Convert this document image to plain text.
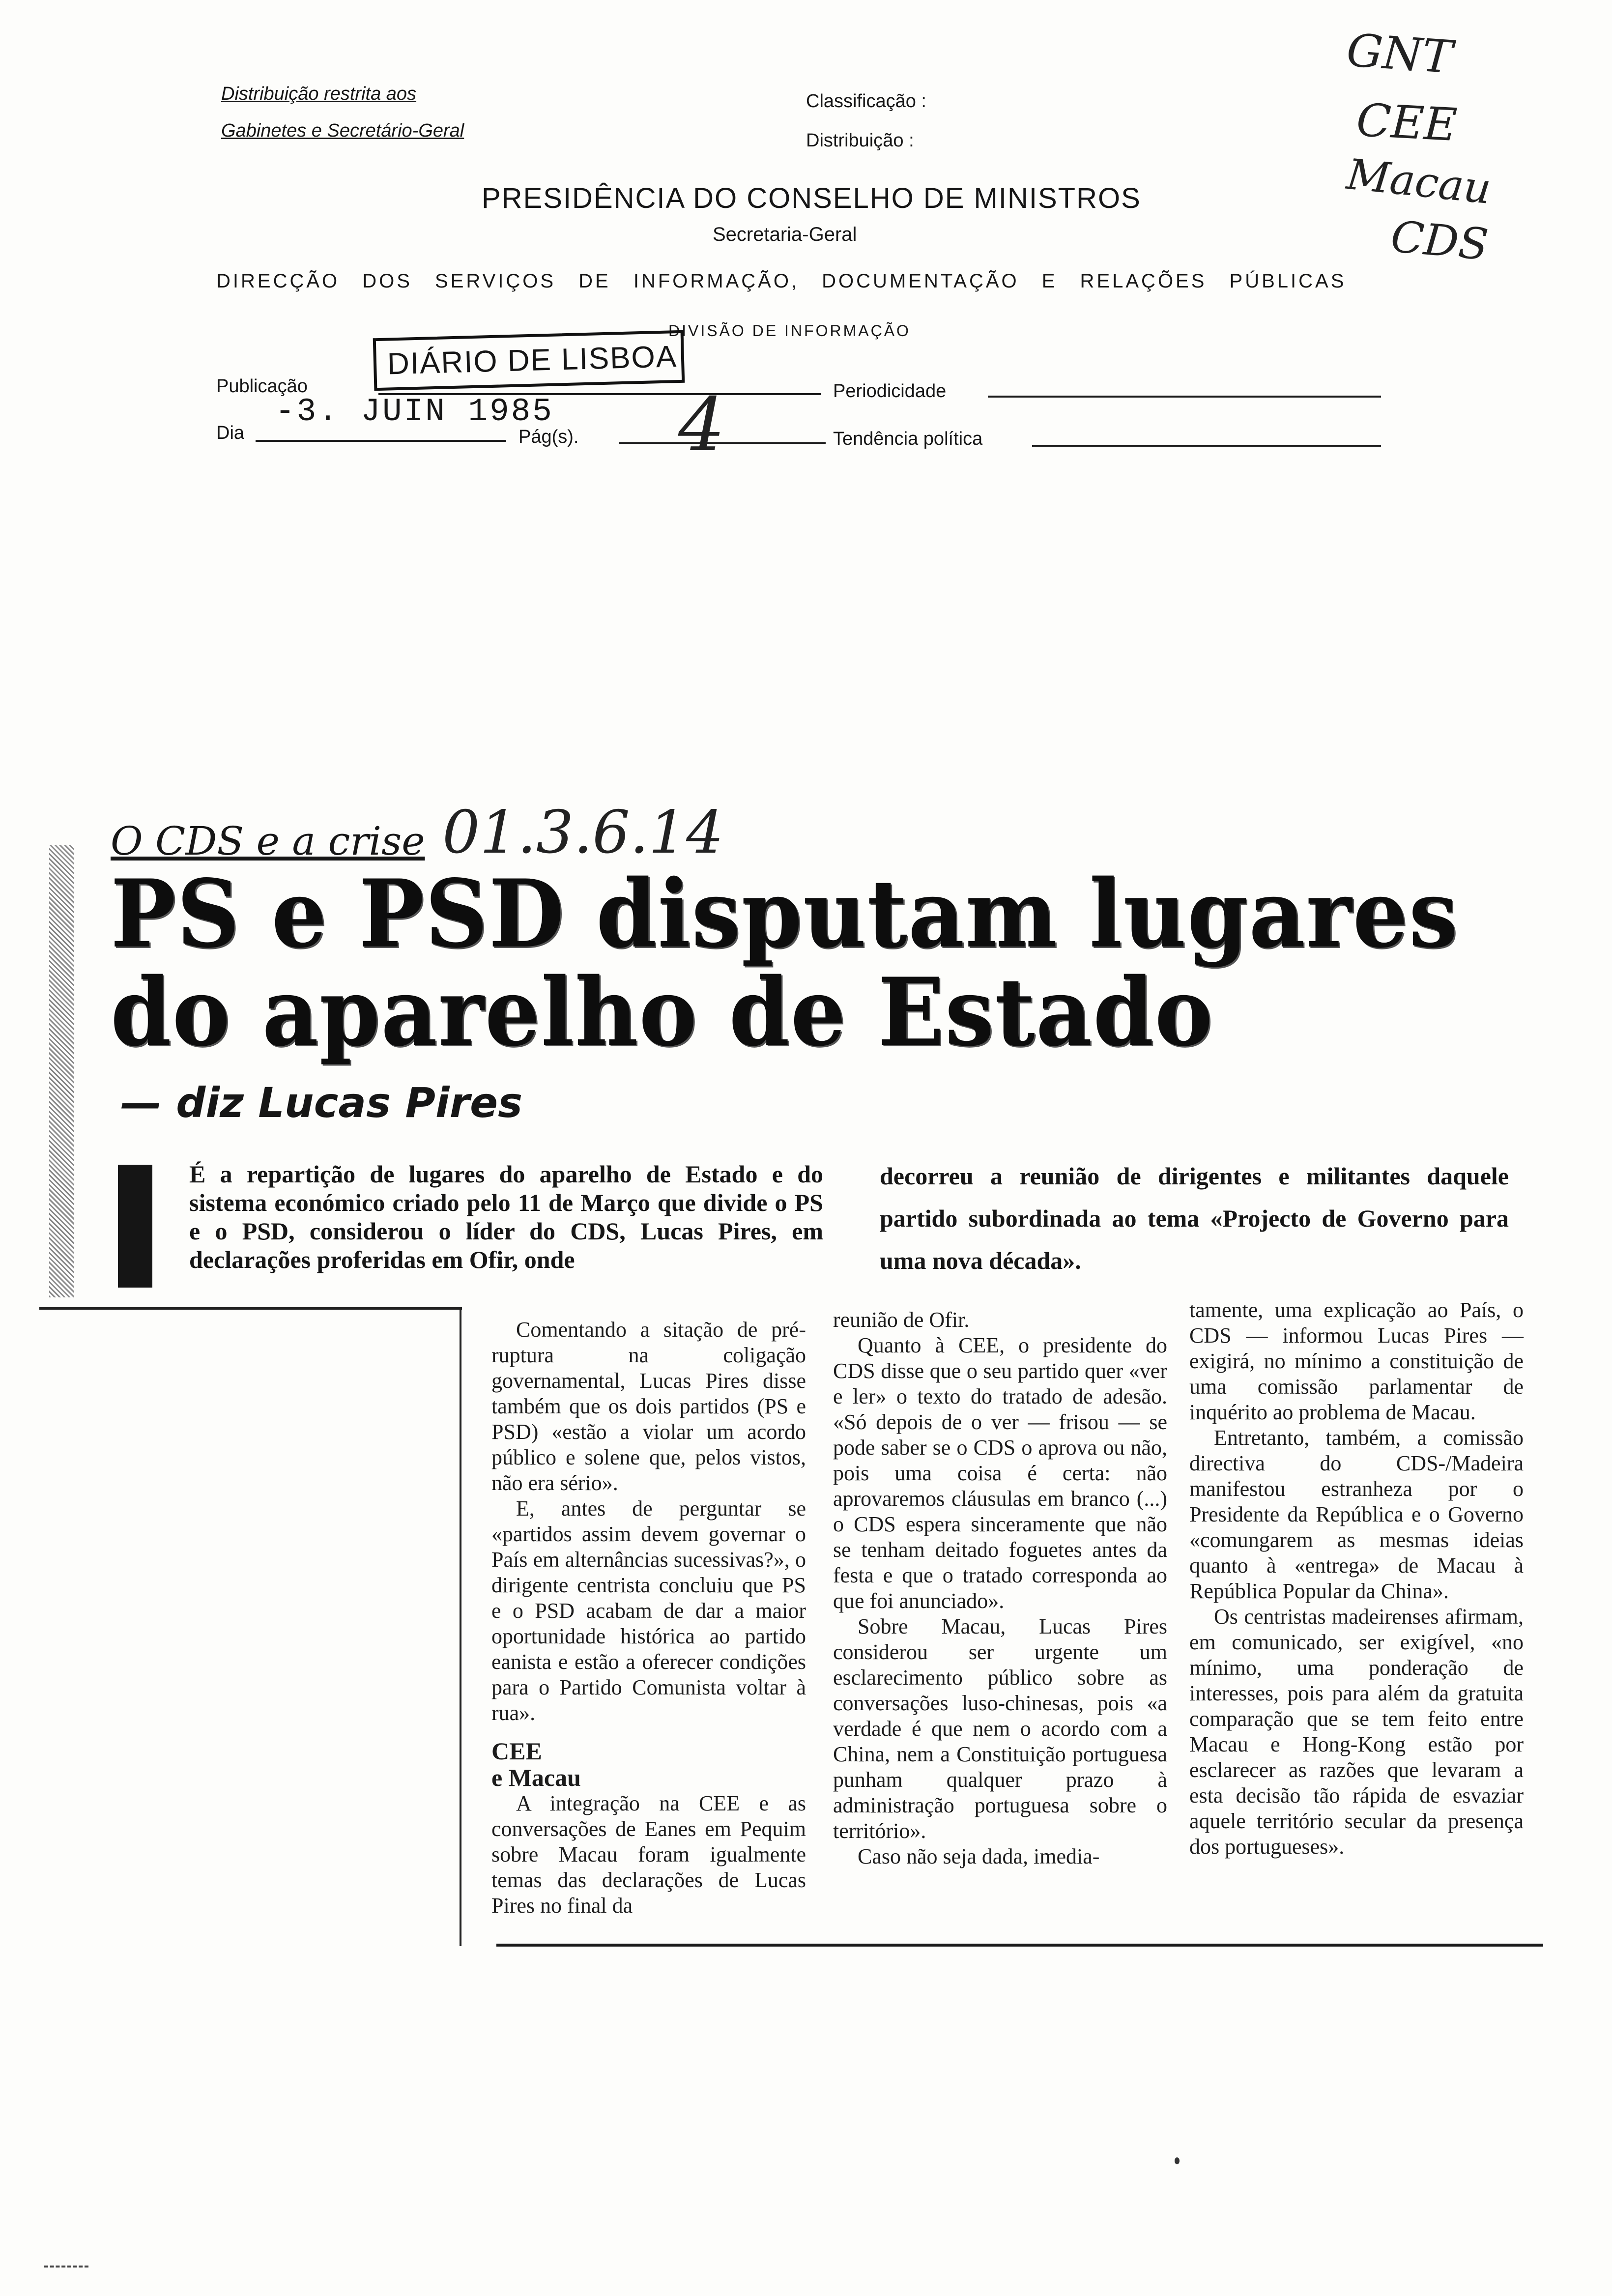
Distribuição restrita aos
Gabinetes e Secretário-Geral
Classificação :
Distribuição :
PRESIDÊNCIA DO CONSELHO DE MINISTROS
Secretaria-Geral
DIRECÇÃO DOS SERVIÇOS DE INFORMAÇÃO, DOCUMENTAÇÃO E RELAÇÕES PÚBLICAS
DIVISÃO DE INFORMAÇÃO
Publicação
Dia	Pág(s).
Periodicidade
Tendência política
DIÁRIO DE LISBOA
-3. JUIN 1985 4
GNT
CEE
Macau
CDS
O CDS e a crise 01.3.6.14
PS e PSD disputam lugares
do aparelho de Estado
— diz Lucas Pires
É a repartição de lugares do aparelho de Estado e do sistema económico criado pelo 11 de Março que divide o PS e o PSD, considerou o líder do CDS, Lucas Pires, em declarações proferidas em Ofir, onde
decorreu a reunião de dirigentes e militantes daquele partido subordinada ao tema «Projecto de Governo para uma nova década».

Comentando a sitação de pré-ruptura na coligação governamental, Lucas Pires disse também que os dois partidos (PS e PSD) «estão a violar um acordo público e solene que, pelos vistos, não era sério».

E, antes de perguntar se «partidos assim devem governar o País em alternâncias sucessivas?», o dirigente centrista concluiu que PS e o PSD acabam de dar a maior oportunidade histórica ao partido eanista e estão a oferecer condições para o Partido Comunista voltar à rua».

CEE
e Macau

A integração na CEE e as conversações de Eanes em Pequim sobre Macau foram igualmente temas das declarações de Lucas Pires no final da

reunião de Ofir.

Quanto à CEE, o presidente do CDS disse que o seu partido quer «ver e ler» o texto do tratado de adesão. «Só depois de o ver — frisou — se pode saber se o CDS o aprova ou não, pois uma coisa é certa: não aprovaremos cláusulas em branco (...) o CDS espera sinceramente que não se tenham deitado foguetes antes da festa e que o tratado corresponda ao que foi anunciado».

Sobre Macau, Lucas Pires considerou ser urgente um esclarecimento público sobre as conversações luso-chinesas, pois «a verdade é que nem o acordo com a China, nem a Constituição portuguesa punham qualquer prazo à administração portuguesa sobre o território».

Caso não seja dada, imedia-

tamente, uma explicação ao País, o CDS — informou Lucas Pires — exigirá, no mínimo a constituição de uma comissão parlamentar de inquérito ao problema de Macau.

Entretanto, também, a comissão directiva do CDS-/Madeira manifestou estranheza por o Presidente da República e o Governo «comungarem as mesmas ideias quanto à «entrega» de Macau à República Popular da China».

Os centristas madeirenses afirmam, em comunicado, ser exigível, «no mínimo, uma ponderação de interesses, pois para além da gratuita comparação que se tem feito entre Macau e Hong-Kong estão por esclarecer as razões que levaram a esta decisão tão rápida de esvaziar aquele território secular da presença dos portugueses».
